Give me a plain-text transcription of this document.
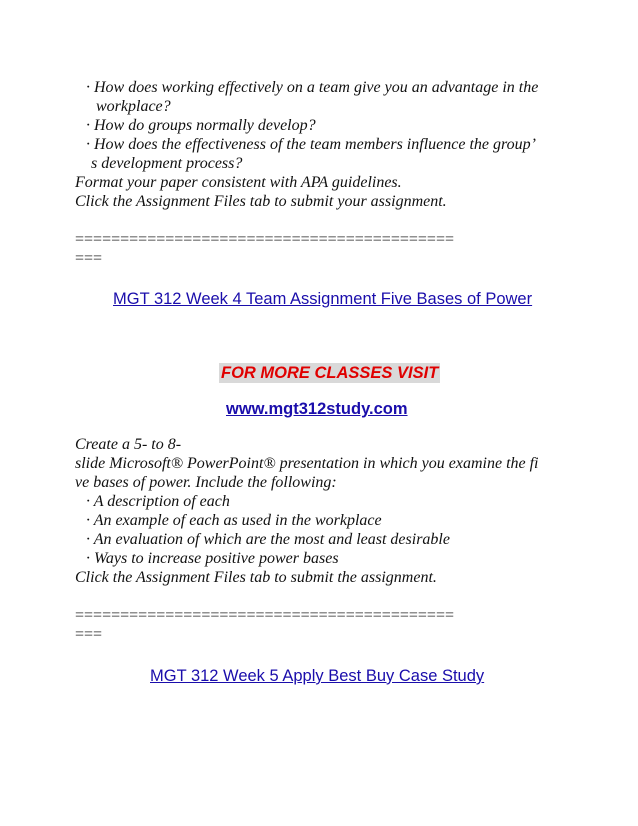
· How does working effectively on a team give you an advantage in the

workplace?

· How do groups normally develop?

· How does the effectiveness of the team members influence the group’

s development process?

Format your paper consistent with APA guidelines.

Click the Assignment Files tab to submit your assignment.

==========================================

===

MGT 312 Week 4 Team Assignment Five Bases of Power

FOR MORE CLASSES VISIT

www.mgt312study.com

Create a 5- to 8-

slide Microsoft® PowerPoint® presentation in which you examine the fi

ve bases of power. Include the following:

· A description of each

· An example of each as used in the workplace

· An evaluation of which are the most and least desirable

· Ways to increase positive power bases

Click the Assignment Files tab to submit the assignment.

==========================================

===

MGT 312 Week 5 Apply Best Buy Case Study
